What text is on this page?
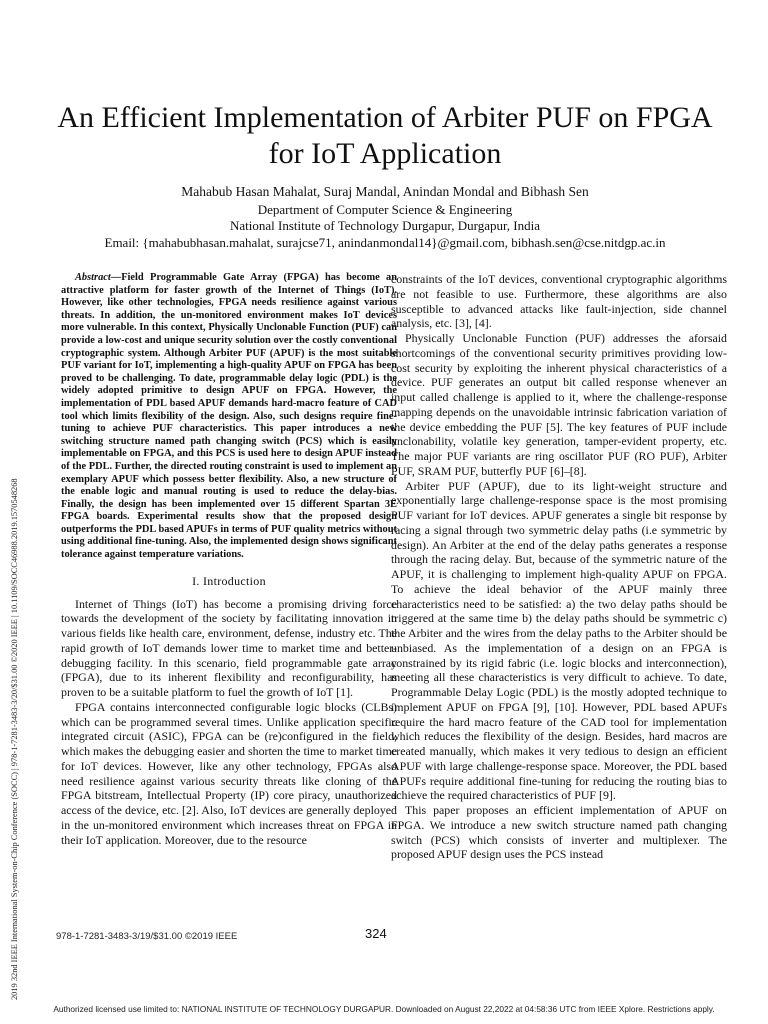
2019 32nd IEEE International System-on-Chip Conference (SOCC) | 978-1-7281-3483-3/20/$31.00 ©2020 IEEE | 10.1109/SOCC46988.2019.1570548268
An Efficient Implementation of Arbiter PUF on FPGA for IoT Application
Mahabub Hasan Mahalat, Suraj Mandal, Anindan Mondal and Bibhash Sen
Department of Computer Science & Engineering
National Institute of Technology Durgapur, Durgapur, India
Email: {mahabubhasan.mahalat, surajcse71, anindanmondal14}@gmail.com, bibhash.sen@cse.nitdgp.ac.in

Abstract—Field Programmable Gate Array (FPGA) has become an attractive platform for faster growth of the Internet of Things (IoT). However, like other technologies, FPGA needs resilience against various threats. In addition, the un-monitored environment makes IoT devices more vulnerable. In this context, Physically Unclonable Function (PUF) can provide a low-cost and unique security solution over the costly conventional cryptographic system. Although Arbiter PUF (APUF) is the most suitable PUF variant for IoT, implementing a high-quality APUF on FPGA has been proved to be challenging. To date, programmable delay logic (PDL) is the widely adopted primitive to design APUF on FPGA. However, the implementation of PDL based APUF demands hard-macro feature of CAD tool which limits flexibility of the design. Also, such designs require fine-tuning to achieve PUF characteristics. This paper introduces a new switching structure named path changing switch (PCS) which is easily implementable on FPGA, and this PCS is used here to design APUF instead of the PDL. Further, the directed routing constraint is used to implement an exemplary APUF which possess better flexibility. Also, a new structure of the enable logic and manual routing is used to reduce the delay-bias. Finally, the design has been implemented over 15 different Spartan 3E FPGA boards. Experimental results show that the proposed design outperforms the PDL based APUFs in terms of PUF quality metrics without using additional fine-tuning. Also, the implemented design shows significant tolerance against temperature variations.

I. Introduction

Internet of Things (IoT) has become a promising driving force towards the development of the society by facilitating innovation in various fields like health care, environment, defense, industry etc. The rapid growth of IoT demands lower time to market time and better-debugging facility. In this scenario, field programmable gate array (FPGA), due to its inherent flexibility and reconfigurability, has proven to be a suitable platform to fuel the growth of IoT [1].

FPGA contains interconnected configurable logic blocks (CLBs) which can be programmed several times. Unlike application specific integrated circuit (ASIC), FPGA can be (re)configured in the field, which makes the debugging easier and shorten the time to market time for IoT devices. However, like any other technology, FPGAs also need resilience against various security threats like cloning of the FPGA bitstream, Intellectual Property (IP) core piracy, unauthorized access of the device, etc. [2]. Also, IoT devices are generally deployed in the un-monitored environment which increases threat on FPGA in their IoT application. Moreover, due to the resource

constraints of the IoT devices, conventional cryptographic algorithms are not feasible to use. Furthermore, these algorithms are also susceptible to advanced attacks like fault-injection, side channel analysis, etc. [3], [4].

Physically Unclonable Function (PUF) addresses the aforsaid shortcomings of the conventional security primitives providing low-cost security by exploiting the inherent physical characteristics of a device. PUF generates an output bit called response whenever an input called challenge is applied to it, where the challenge-response mapping depends on the unavoidable intrinsic fabrication variation of the device embedding the PUF [5]. The key features of PUF include unclonability, volatile key generation, tamper-evident property, etc. The major PUF variants are ring oscillator PUF (RO PUF), Arbiter PUF, SRAM PUF, butterfly PUF [6]–[8].

Arbiter PUF (APUF), due to its light-weight structure and exponentially large challenge-response space is the most promising PUF variant for IoT devices. APUF generates a single bit response by racing a signal through two symmetric delay paths (i.e symmetric by design). An Arbiter at the end of the delay paths generates a response through the racing delay. But, because of the symmetric nature of the APUF, it is challenging to implement high-quality APUF on FPGA. To achieve the ideal behavior of the APUF mainly three characteristics need to be satisfied: a) the two delay paths should be triggered at the same time b) the delay paths should be symmetric c) the Arbiter and the wires from the delay paths to the Arbiter should be unbiased. As the implementation of a design on an FPGA is constrained by its rigid fabric (i.e. logic blocks and interconnection), meeting all these characteristics is very difficult to achieve. To date, Programmable Delay Logic (PDL) is the mostly adopted technique to implement APUF on FPGA [9], [10]. However, PDL based APUFs require the hard macro feature of the CAD tool for implementation which reduces the flexibility of the design. Besides, hard macros are created manually, which makes it very tedious to design an efficient APUF with large challenge-response space. Moreover, the PDL based APUFs require additional fine-tuning for reducing the routing bias to achieve the required characteristics of PUF [9].

This paper proposes an efficient implementation of APUF on FPGA. We introduce a new switch structure named path changing switch (PCS) which consists of inverter and multiplexer. The proposed APUF design uses the PCS instead

978-1-7281-3483-3/19/$31.00 ©2019 IEEE	324
Authorized licensed use limited to: NATIONAL INSTITUTE OF TECHNOLOGY DURGAPUR. Downloaded on August 22,2022 at 04:58:36 UTC from IEEE Xplore. Restrictions apply.
